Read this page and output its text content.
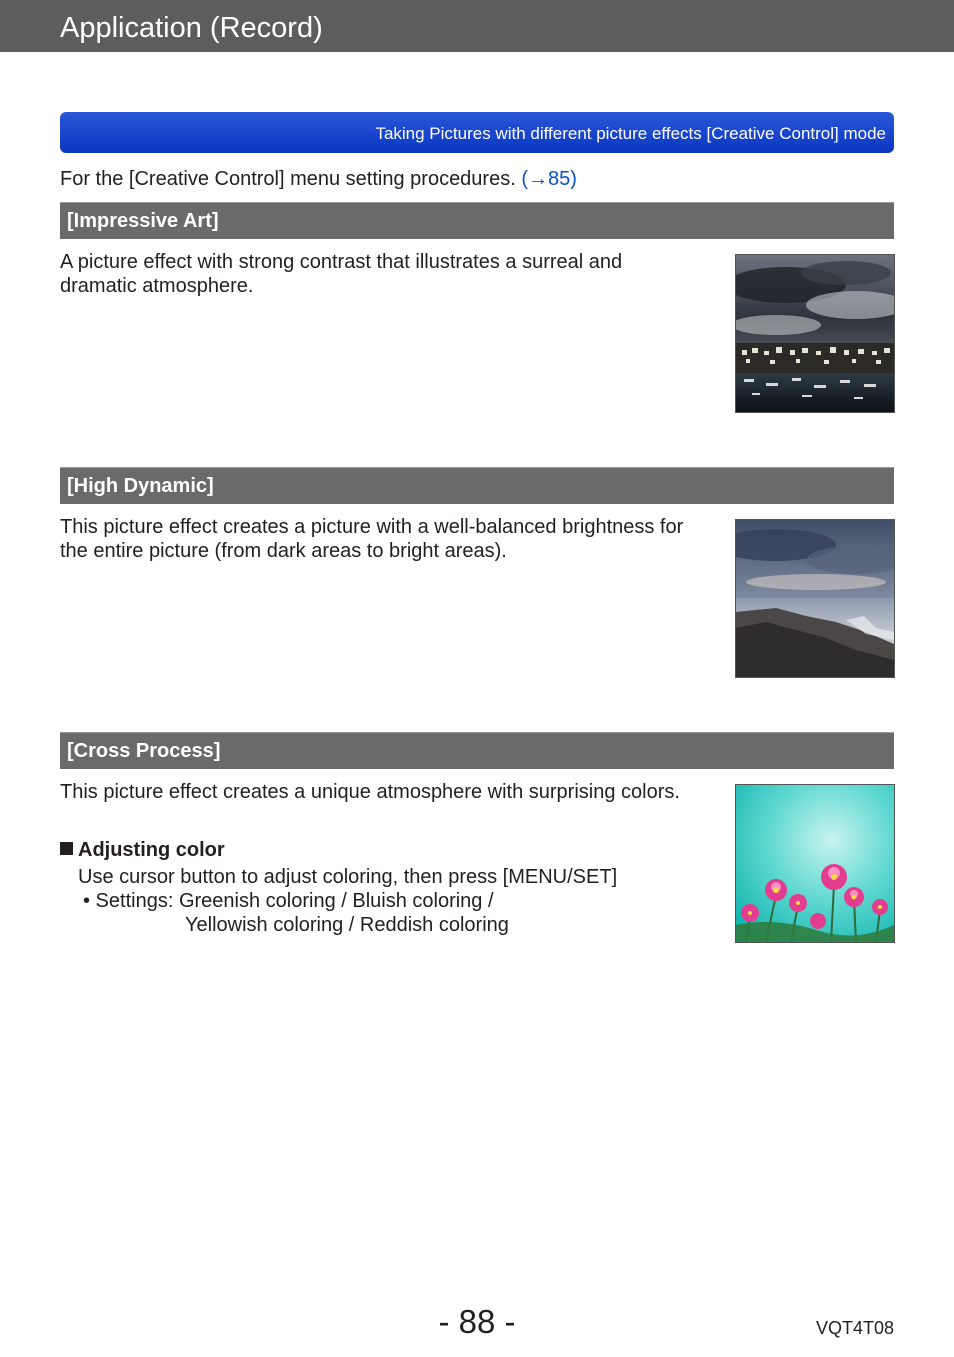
Application (Record)
Taking Pictures with different picture effects [Creative Control] mode
For the [Creative Control] menu setting procedures. (→85)
[Impressive Art]
A picture effect with strong contrast that illustrates a surreal and dramatic atmosphere.
[High Dynamic]
This picture effect creates a picture with a well-balanced brightness for the entire picture (from dark areas to bright areas).
[Cross Process]
This picture effect creates a unique atmosphere with surprising colors.
Adjusting color
Use cursor button to adjust coloring, then press [MENU/SET]
• Settings: Greenish coloring / Bluish coloring /
Yellowish coloring / Reddish coloring
- 88 -	VQT4T08
